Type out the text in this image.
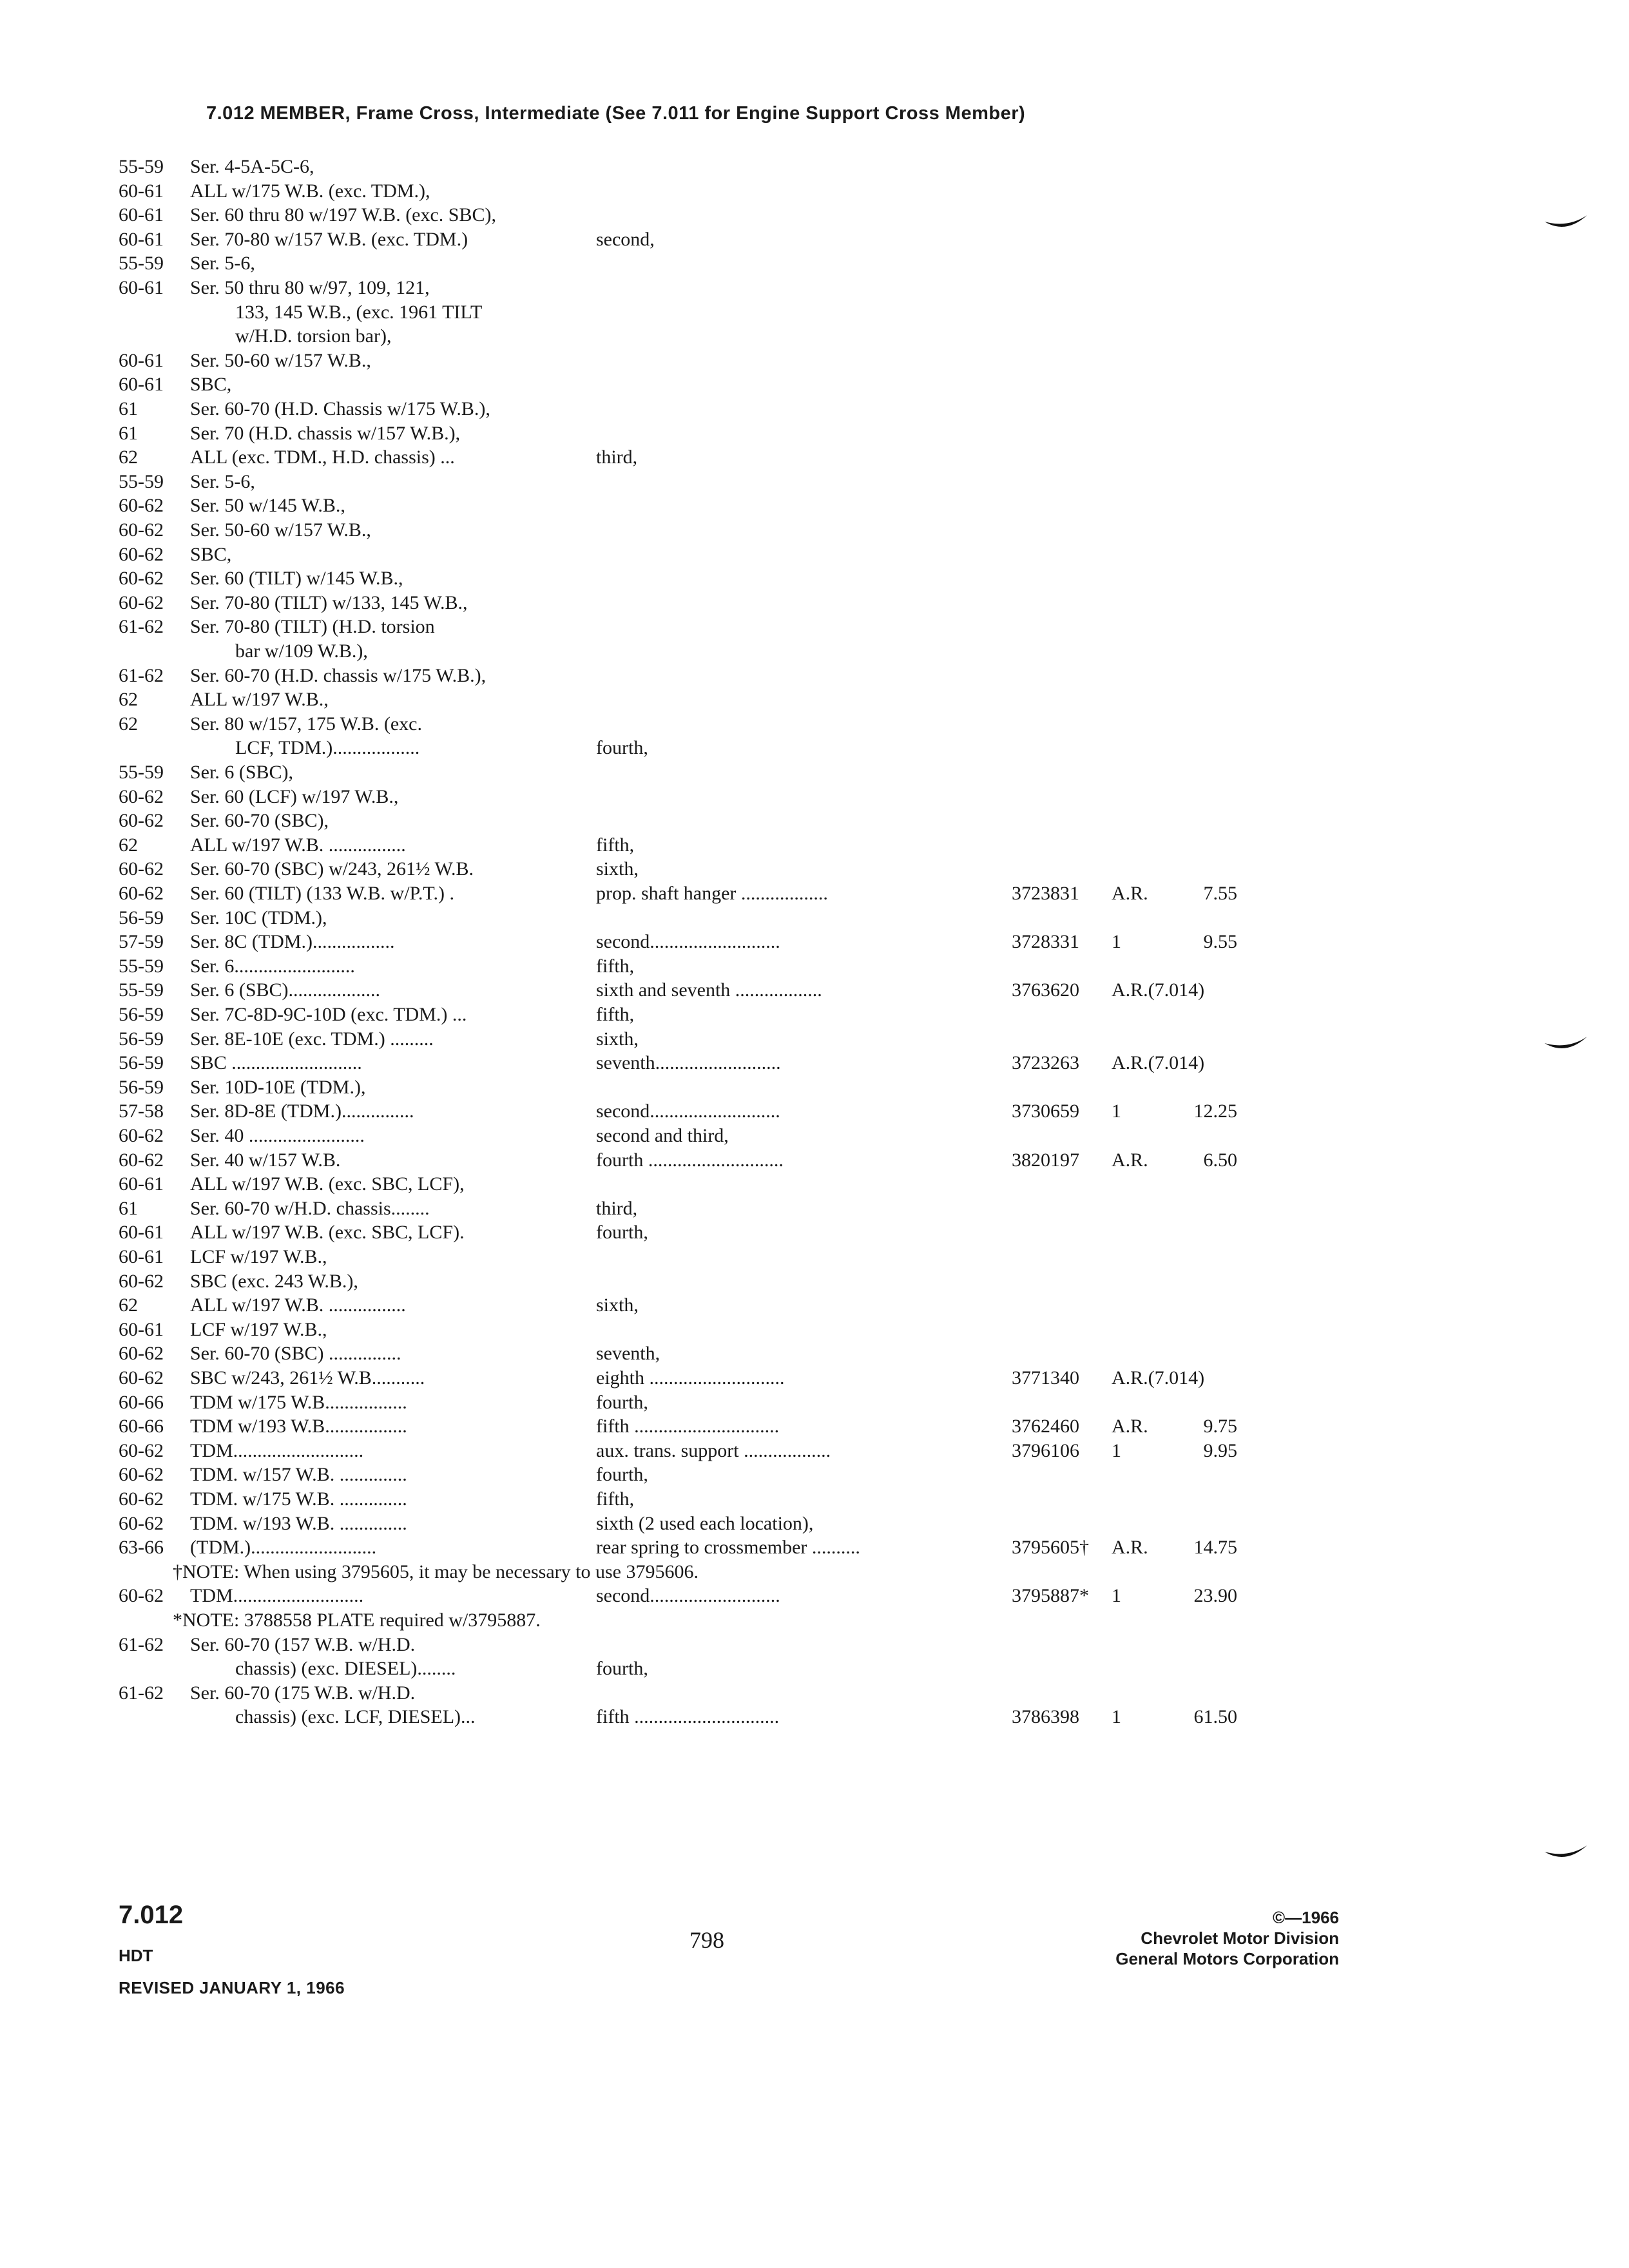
7.012 MEMBER, Frame Cross, Intermediate (See 7.011 for Engine Support Cross Member)
55-59 Ser. 4-5A-5C-6,
60-61 ALL w/175 W.B. (exc. TDM.),
60-61 Ser. 60 thru 80 w/197 W.B. (exc. SBC),
60-61 Ser. 70-80 w/157 W.B. (exc. TDM.)	second,
55-59 Ser. 5-6,
60-61 Ser. 50 thru 80 w/97, 109, 121,
133, 145 W.B., (exc. 1961 TILT
w/H.D. torsion bar),
60-61 Ser. 50-60 w/157 W.B.,
60-61 SBC,
61	Ser. 60-70 (H.D. Chassis w/175 W.B.),
61	Ser. 70 (H.D. chassis w/157 W.B.),
62	ALL (exc. TDM., H.D. chassis) ...	third,
55-59 Ser. 5-6,
60-62 Ser. 50 w/145 W.B.,
60-62 Ser. 50-60 w/157 W.B.,
60-62 SBC,
60-62 Ser. 60 (TILT) w/145 W.B.,
60-62 Ser. 70-80 (TILT) w/133, 145 W.B.,
61-62 Ser. 70-80 (TILT) (H.D. torsion
bar w/109 W.B.),
61-62 Ser. 60-70 (H.D. chassis w/175 W.B.),
62	ALL w/197 W.B.,
62	Ser. 80 w/157, 175 W.B. (exc.
LCF, TDM.)..................	fourth,
55-59 Ser. 6 (SBC),
60-62 Ser. 60 (LCF) w/197 W.B.,
60-62 Ser. 60-70 (SBC),
62	ALL w/197 W.B. ................	fifth,
60-62 Ser. 60-70 (SBC) w/243, 261½ W.B.	sixth,
60-62 Ser. 60 (TILT) (133 W.B. w/P.T.) .	prop. shaft hanger ..................	3723831 A.R.	7.55
56-59 Ser. 10C (TDM.),
57-59 Ser. 8C (TDM.).................	second...........................	3728331 1	9.55
55-59 Ser. 6.........................	fifth,
55-59 Ser. 6 (SBC)...................	sixth and seventh ..................	3763620 A.R.(7.014)
56-59 Ser. 7C-8D-9C-10D (exc. TDM.) ...	fifth,
56-59 Ser. 8E-10E (exc. TDM.) .........	sixth,
56-59 SBC ...........................	seventh..........................	3723263 A.R.(7.014)
56-59 Ser. 10D-10E (TDM.),
57-58 Ser. 8D-8E (TDM.)...............	second...........................	3730659 1	12.25
60-62 Ser. 40 ........................	second and third,
60-62 Ser. 40 w/157 W.B.	fourth ............................	3820197 A.R.	6.50
60-61 ALL w/197 W.B. (exc. SBC, LCF),
61	Ser. 60-70 w/H.D. chassis........	third,
60-61 ALL w/197 W.B. (exc. SBC, LCF).	fourth,
60-61 LCF w/197 W.B.,
60-62 SBC (exc. 243 W.B.),
62	ALL w/197 W.B. ................	sixth,
60-61 LCF w/197 W.B.,
60-62 Ser. 60-70 (SBC) ...............	seventh,
60-62 SBC w/243, 261½ W.B...........	eighth ............................	3771340 A.R.(7.014)
60-66 TDM w/175 W.B.................	fourth,
60-66 TDM w/193 W.B.................	fifth ..............................	3762460 A.R.	9.75
60-62 TDM...........................	aux. trans. support ..................	3796106 1	9.95
60-62 TDM. w/157 W.B. ..............	fourth,
60-62 TDM. w/175 W.B. ..............	fifth,
60-62 TDM. w/193 W.B. ..............	sixth (2 used each location),
63-66 (TDM.)..........................	rear spring to crossmember ..........	3795605† A.R. 14.75
†NOTE: When using 3795605, it may be necessary to use 3795606.
60-62 TDM...........................	second...........................	3795887* 1	23.90
*NOTE: 3788558 PLATE required w/3795887.
61-62 Ser. 60-70 (157 W.B. w/H.D.
chassis) (exc. DIESEL)........	fourth,
61-62 Ser. 60-70 (175 W.B. w/H.D.
chassis) (exc. LCF, DIESEL)...	fifth ..............................	3786398 1	61.50
7.012
HDT
REVISED JANUARY 1, 1966
798
©—1966
Chevrolet Motor Division
General Motors Corporation
